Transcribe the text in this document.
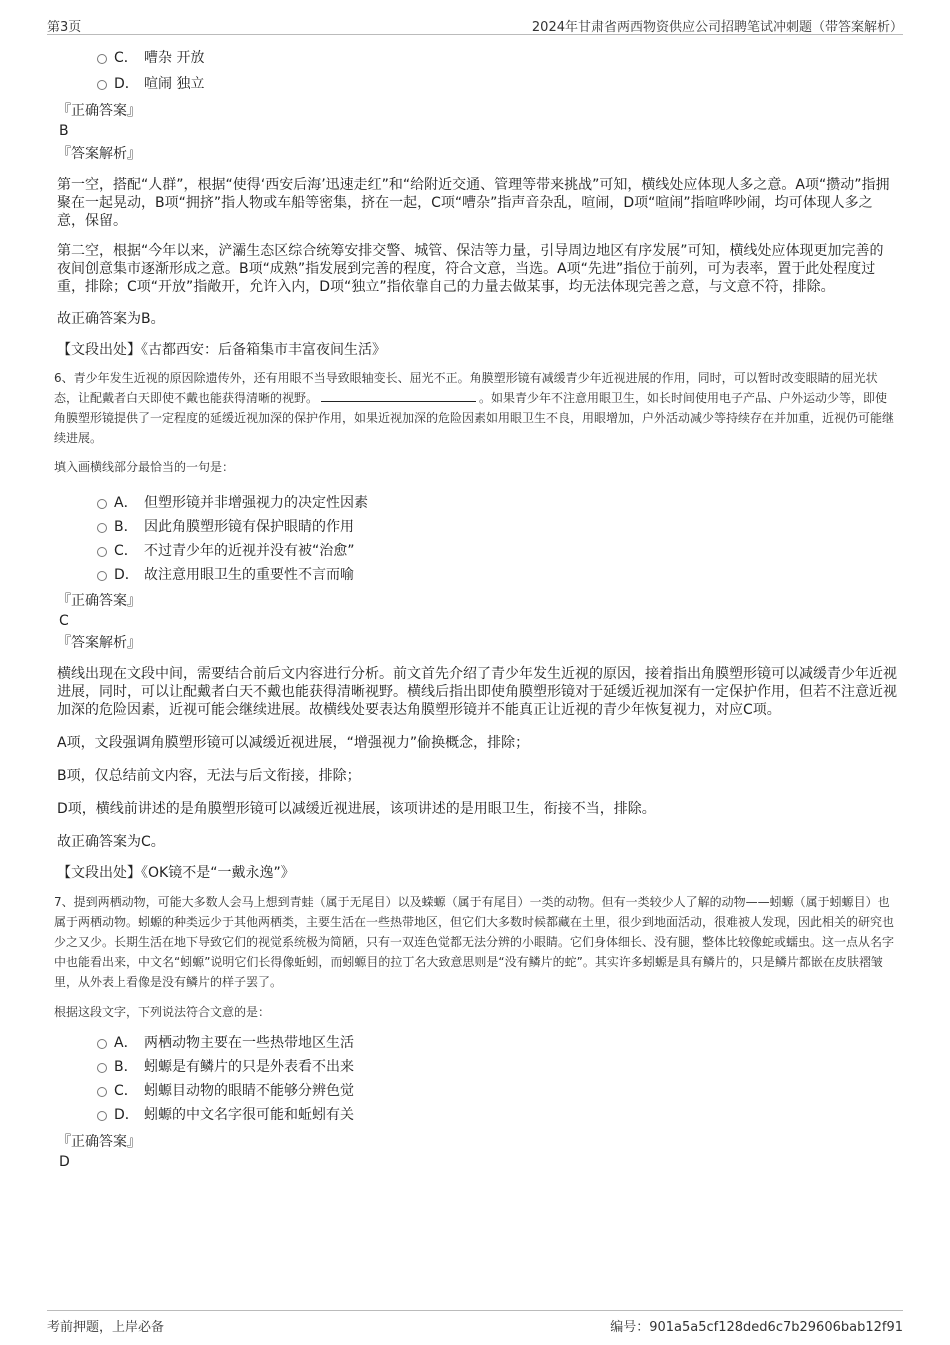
第3页	2024年甘肃省两西物资供应公司招聘笔试冲刺题（带答案解析）
C． 嘈杂 开放
D． 喧闹 独立
『正确答案』
B
『答案解析』

第一空，搭配“人群”，根据“使得‘西安后海’迅速走红”和“给附近交通、管理等带来挑战”可知，横线处应体现人多之意。A项“攒动”指拥聚在一起晃动，B项“拥挤”指人物或车船等密集，挤在一起，C项“嘈杂”指声音杂乱，喧闹，D项“喧闹”指喧哗吵闹，均可体现人多之意，保留。

第二空，根据“今年以来，浐灞生态区综合统筹安排交警、城管、保洁等力量，引导周边地区有序发展”可知，横线处应体现更加完善的夜间创意集市逐渐形成之意。B项“成熟”指发展到完善的程度，符合文意，当选。A项“先进”指位于前列，可为表率，置于此处程度过重，排除；C项“开放”指敞开，允许入内，D项“独立”指依靠自己的力量去做某事，均无法体现完善之意，与文意不符，排除。

故正确答案为B。

【文段出处】《古都西安：后备箱集市丰富夜间生活》

6、青少年发生近视的原因除遗传外，还有用眼不当导致眼轴变长、屈光不正。角膜塑形镜有减缓青少年近视进展的作用，同时，可以暂时改变眼睛的屈光状态，让配戴者白天即使不戴也能获得清晰的视野。	。如果青少年不注意用眼卫生，如长时间使用电子产品、户外运动少等，即使角膜塑形镜提供了一定程度的延缓近视加深的保护作用，如果近视加深的危险因素如用眼卫生不良，用眼增加，户外活动减少等持续存在并加重，近视仍可能继续进展。

填入画横线部分最恰当的一句是：

A． 但塑形镜并非增强视力的决定性因素
B． 因此角膜塑形镜有保护眼睛的作用
C． 不过青少年的近视并没有被“治愈”
D． 故注意用眼卫生的重要性不言而喻
『正确答案』
C
『答案解析』

横线出现在文段中间，需要结合前后文内容进行分析。前文首先介绍了青少年发生近视的原因，接着指出角膜塑形镜可以减缓青少年近视进展，同时，可以让配戴者白天不戴也能获得清晰视野。横线后指出即使角膜塑形镜对于延缓近视加深有一定保护作用，但若不注意近视加深的危险因素，近视可能会继续进展。故横线处要表达角膜塑形镜并不能真正让近视的青少年恢复视力，对应C项。

A项，文段强调角膜塑形镜可以减缓近视进展，“增强视力”偷换概念，排除；

B项，仅总结前文内容，无法与后文衔接，排除；

D项，横线前讲述的是角膜塑形镜可以减缓近视进展，该项讲述的是用眼卫生，衔接不当，排除。

故正确答案为C。

【文段出处】《OK镜不是“一戴永逸”》

7、提到两栖动物，可能大多数人会马上想到青蛙（属于无尾目）以及蝾螈（属于有尾目）一类的动物。但有一类较少人了解的动物——蚓螈（属于蚓螈目）也属于两栖动物。蚓螈的种类远少于其他两栖类，主要生活在一些热带地区，但它们大多数时候都藏在土里，很少到地面活动，很难被人发现，因此相关的研究也少之又少。长期生活在地下导致它们的视觉系统极为简陋，只有一双连色觉都无法分辨的小眼睛。它们身体细长、没有腿，整体比较像蛇或蠕虫。这一点从名字中也能看出来，中文名“蚓螈”说明它们长得像蚯蚓，而蚓螈目的拉丁名大致意思则是“没有鳞片的蛇”。其实许多蚓螈是具有鳞片的，只是鳞片都嵌在皮肤褶皱里，从外表上看像是没有鳞片的样子罢了。

根据这段文字，下列说法符合文意的是：

A． 两栖动物主要在一些热带地区生活
B． 蚓螈是有鳞片的只是外表看不出来
C． 蚓螈目动物的眼睛不能够分辨色觉
D． 蚓螈的中文名字很可能和蚯蚓有关
『正确答案』
D
考前押题，上岸必备	编号：901a5a5cf128ded6c7b29606bab12f91
